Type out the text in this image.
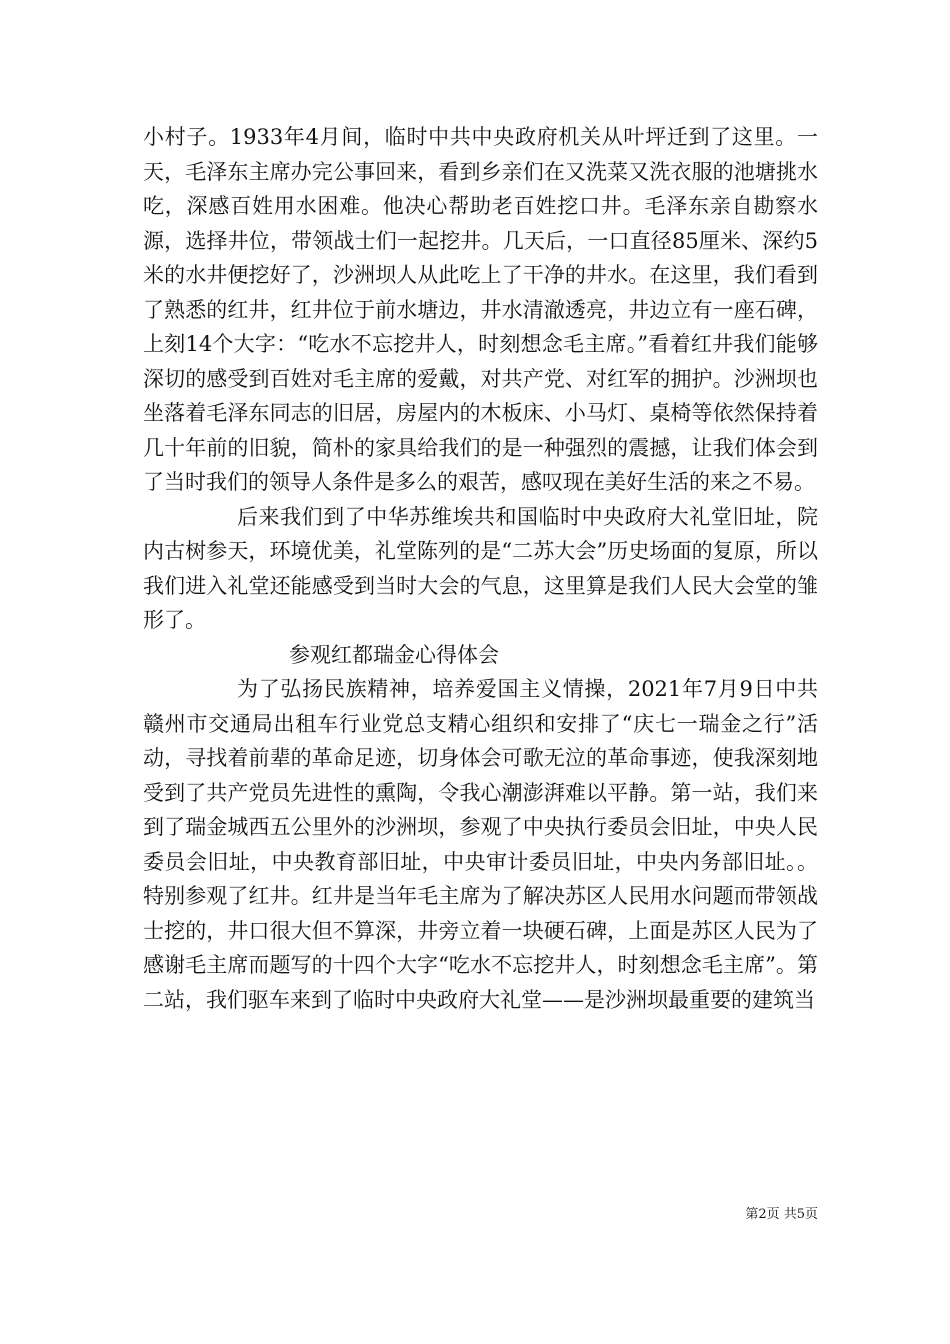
小村子。1933年4月间，临时中共中央政府机关从叶坪迁到了这里。一天，毛泽东主席办完公事回来，看到乡亲们在又洗菜又洗衣服的池塘挑水吃，深感百姓用水困难。他决心帮助老百姓挖口井。毛泽东亲自勘察水源，选择井位，带领战士们一起挖井。几天后，一口直径85厘米、深约5米的水井便挖好了，沙洲坝人从此吃上了干净的井水。在这里，我们看到了熟悉的红井，红井位于前水塘边，井水清澈透亮，井边立有一座石碑，上刻14个大字：“吃水不忘挖井人，时刻想念毛主席。”看着红井我们能够深切的感受到百姓对毛主席的爱戴，对共产党、对红军的拥护。沙洲坝也坐落着毛泽东同志的旧居，房屋内的木板床、小马灯、桌椅等依然保持着几十年前的旧貌，简朴的家具给我们的是一种强烈的震撼，让我们体会到了当时我们的领导人条件是多么的艰苦，感叹现在美好生活的来之不易。

后来我们到了中华苏维埃共和国临时中央政府大礼堂旧址，院内古树参天，环境优美，礼堂陈列的是“二苏大会”历史场面的复原，所以我们进入礼堂还能感受到当时大会的气息，这里算是我们人民大会堂的雏形了。

参观红都瑞金心得体会

为了弘扬民族精神，培养爱国主义情操，2021年7月9日中共赣州市交通局出租车行业党总支精心组织和安排了“庆七一瑞金之行”活动，寻找着前辈的革命足迹，切身体会可歌无泣的革命事迹，使我深刻地受到了共产党员先进性的熏陶，令我心潮澎湃难以平静。第一站，我们来到了瑞金城西五公里外的沙洲坝，参观了中央执行委员会旧址，中央人民委员会旧址，中央教育部旧址，中央审计委员旧址，中央内务部旧址。。特别参观了红井。红井是当年毛主席为了解决苏区人民用水问题而带领战士挖的，井口很大但不算深，井旁立着一块硬石碑，上面是苏区人民为了感谢毛主席而题写的十四个大字“吃水不忘挖井人，时刻想念毛主席”。第二站，我们驱车来到了临时中央政府大礼堂——是沙洲坝最重要的建筑当

第2页 共5页
